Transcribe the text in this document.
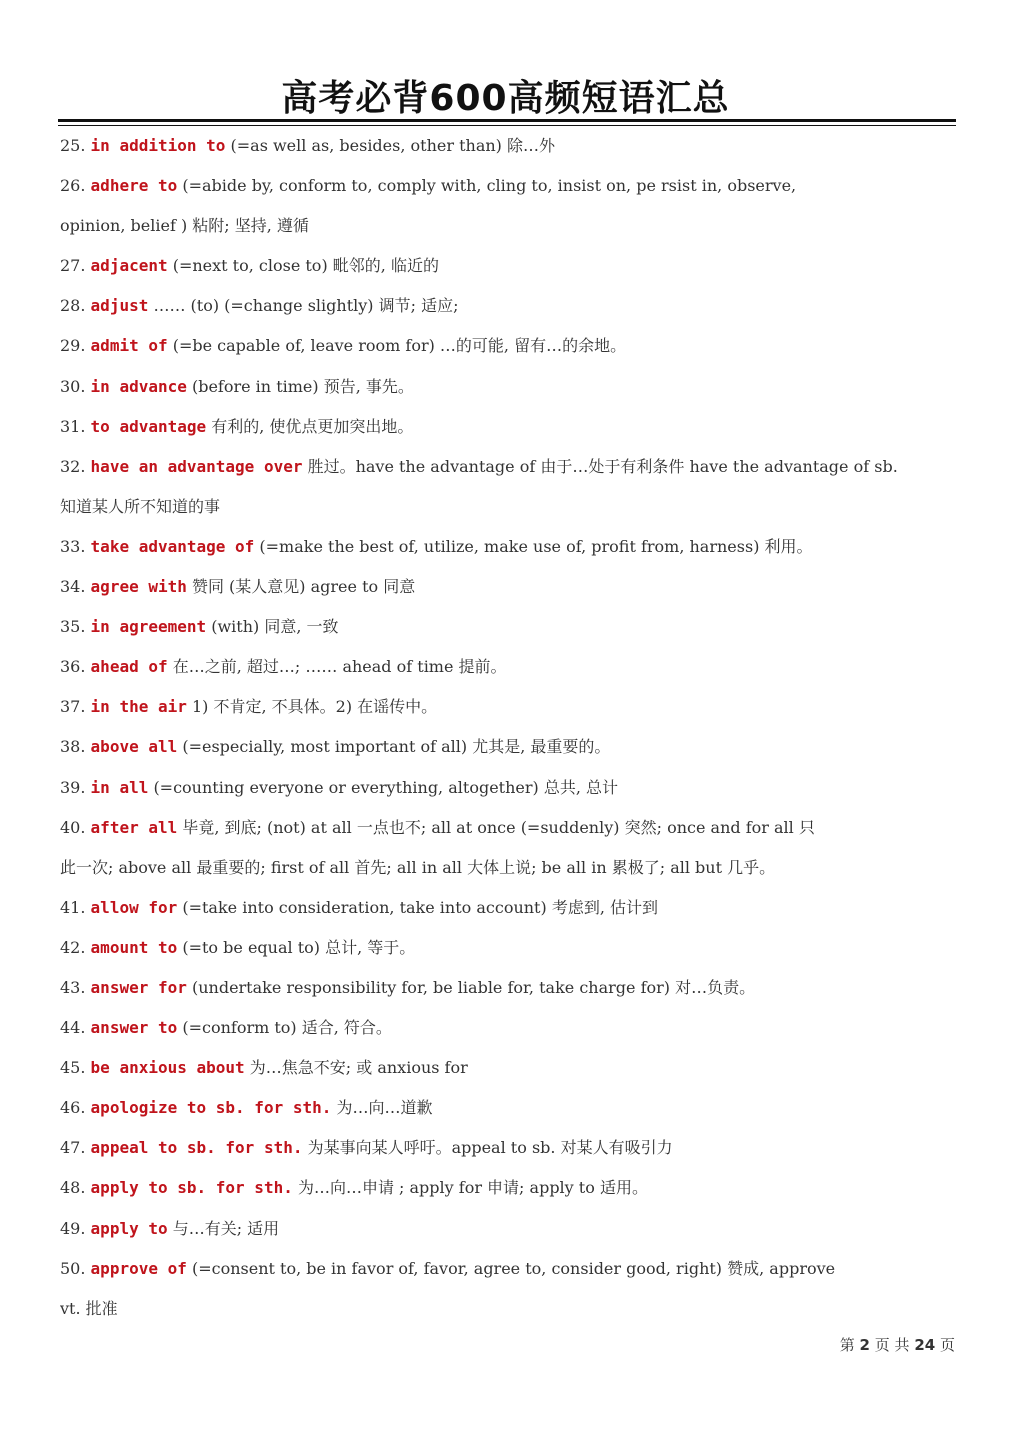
高考必背600高频短语汇总
25. in addition to (=as well as, besides, other than) 除…外
26. adhere to (=abide by, conform to, comply with, cling to, insist on, pe rsist in, observe,
opinion, belief ) 粘附; 坚持, 遵循
27. adjacent (=next to, close to) 毗邻的, 临近的
28. adjust …… (to) (=change slightly) 调节; 适应;
29. admit of (=be capable of, leave room for) …的可能, 留有…的余地。
30. in advance (before in time) 预告, 事先。
31. to advantage 有利的, 使优点更加突出地。
32. have an advantage over 胜过。have the advantage of 由于…处于有利条件 have the advantage of sb.
知道某人所不知道的事
33. take advantage of (=make the best of, utilize, make use of, profit from, harness) 利用。
34. agree with 赞同 (某人意见) agree to 同意
35. in agreement (with) 同意, 一致
36. ahead of 在…之前, 超过…; …… ahead of time 提前。
37. in the air 1) 不肯定, 不具体。2) 在谣传中。
38. above all (=especially, most important of all) 尤其是, 最重要的。
39. in all (=counting everyone or everything, altogether) 总共, 总计
40. after all 毕竟, 到底; (not) at all 一点也不; all at once (=suddenly) 突然; once and for all 只
此一次; above all 最重要的; first of all 首先; all in all 大体上说; be all in 累极了; all but 几乎。
41. allow for (=take into consideration, take into account) 考虑到, 估计到
42. amount to (=to be equal to) 总计, 等于。
43. answer for (undertake responsibility for, be liable for, take charge for) 对…负责。
44. answer to (=conform to) 适合, 符合。
45. be anxious about 为…焦急不安; 或 anxious for
46. apologize to sb. for sth. 为…向…道歉
47. appeal to sb. for sth. 为某事向某人呼吁。appeal to sb. 对某人有吸引力
48. apply to sb. for sth. 为…向…申请 ; apply for 申请; apply to 适用。
49. apply to 与…有关; 适用
50. approve of (=consent to, be in favor of, favor, agree to, consider good, right) 赞成, approve
vt. 批准
第 2 页 共 24 页
